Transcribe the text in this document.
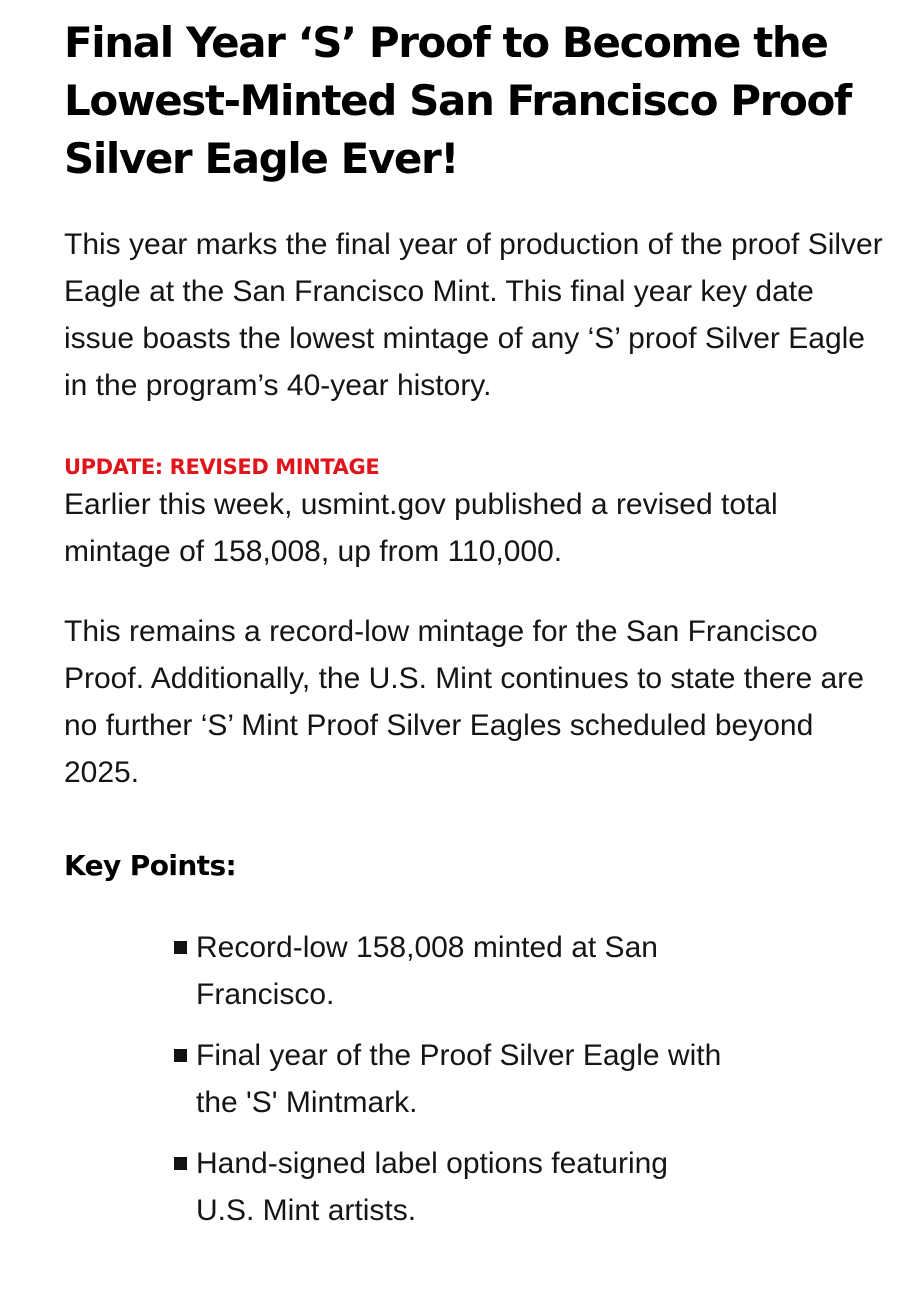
Final Year ‘S’ Proof to Become the Lowest-Minted San Francisco Proof Silver Eagle Ever!

This year marks the final year of production of the proof Silver Eagle at the San Francisco Mint. This final year key date issue boasts the lowest mintage of any ‘S’ proof Silver Eagle in the program’s 40-year history.

UPDATE: REVISED MINTAGE

Earlier this week, usmint.gov published a revised total mintage of 158,008, up from 110,000.

This remains a record-low mintage for the San Francisco Proof. Additionally, the U.S. Mint continues to state there are no further ‘S’ Mint Proof Silver Eagles scheduled beyond 2025.

Key Points:
Record-low 158,008 minted at San Francisco.
Final year of the Proof Silver Eagle with the 'S' Mintmark.
Hand-signed label options featuring U.S. Mint artists.
